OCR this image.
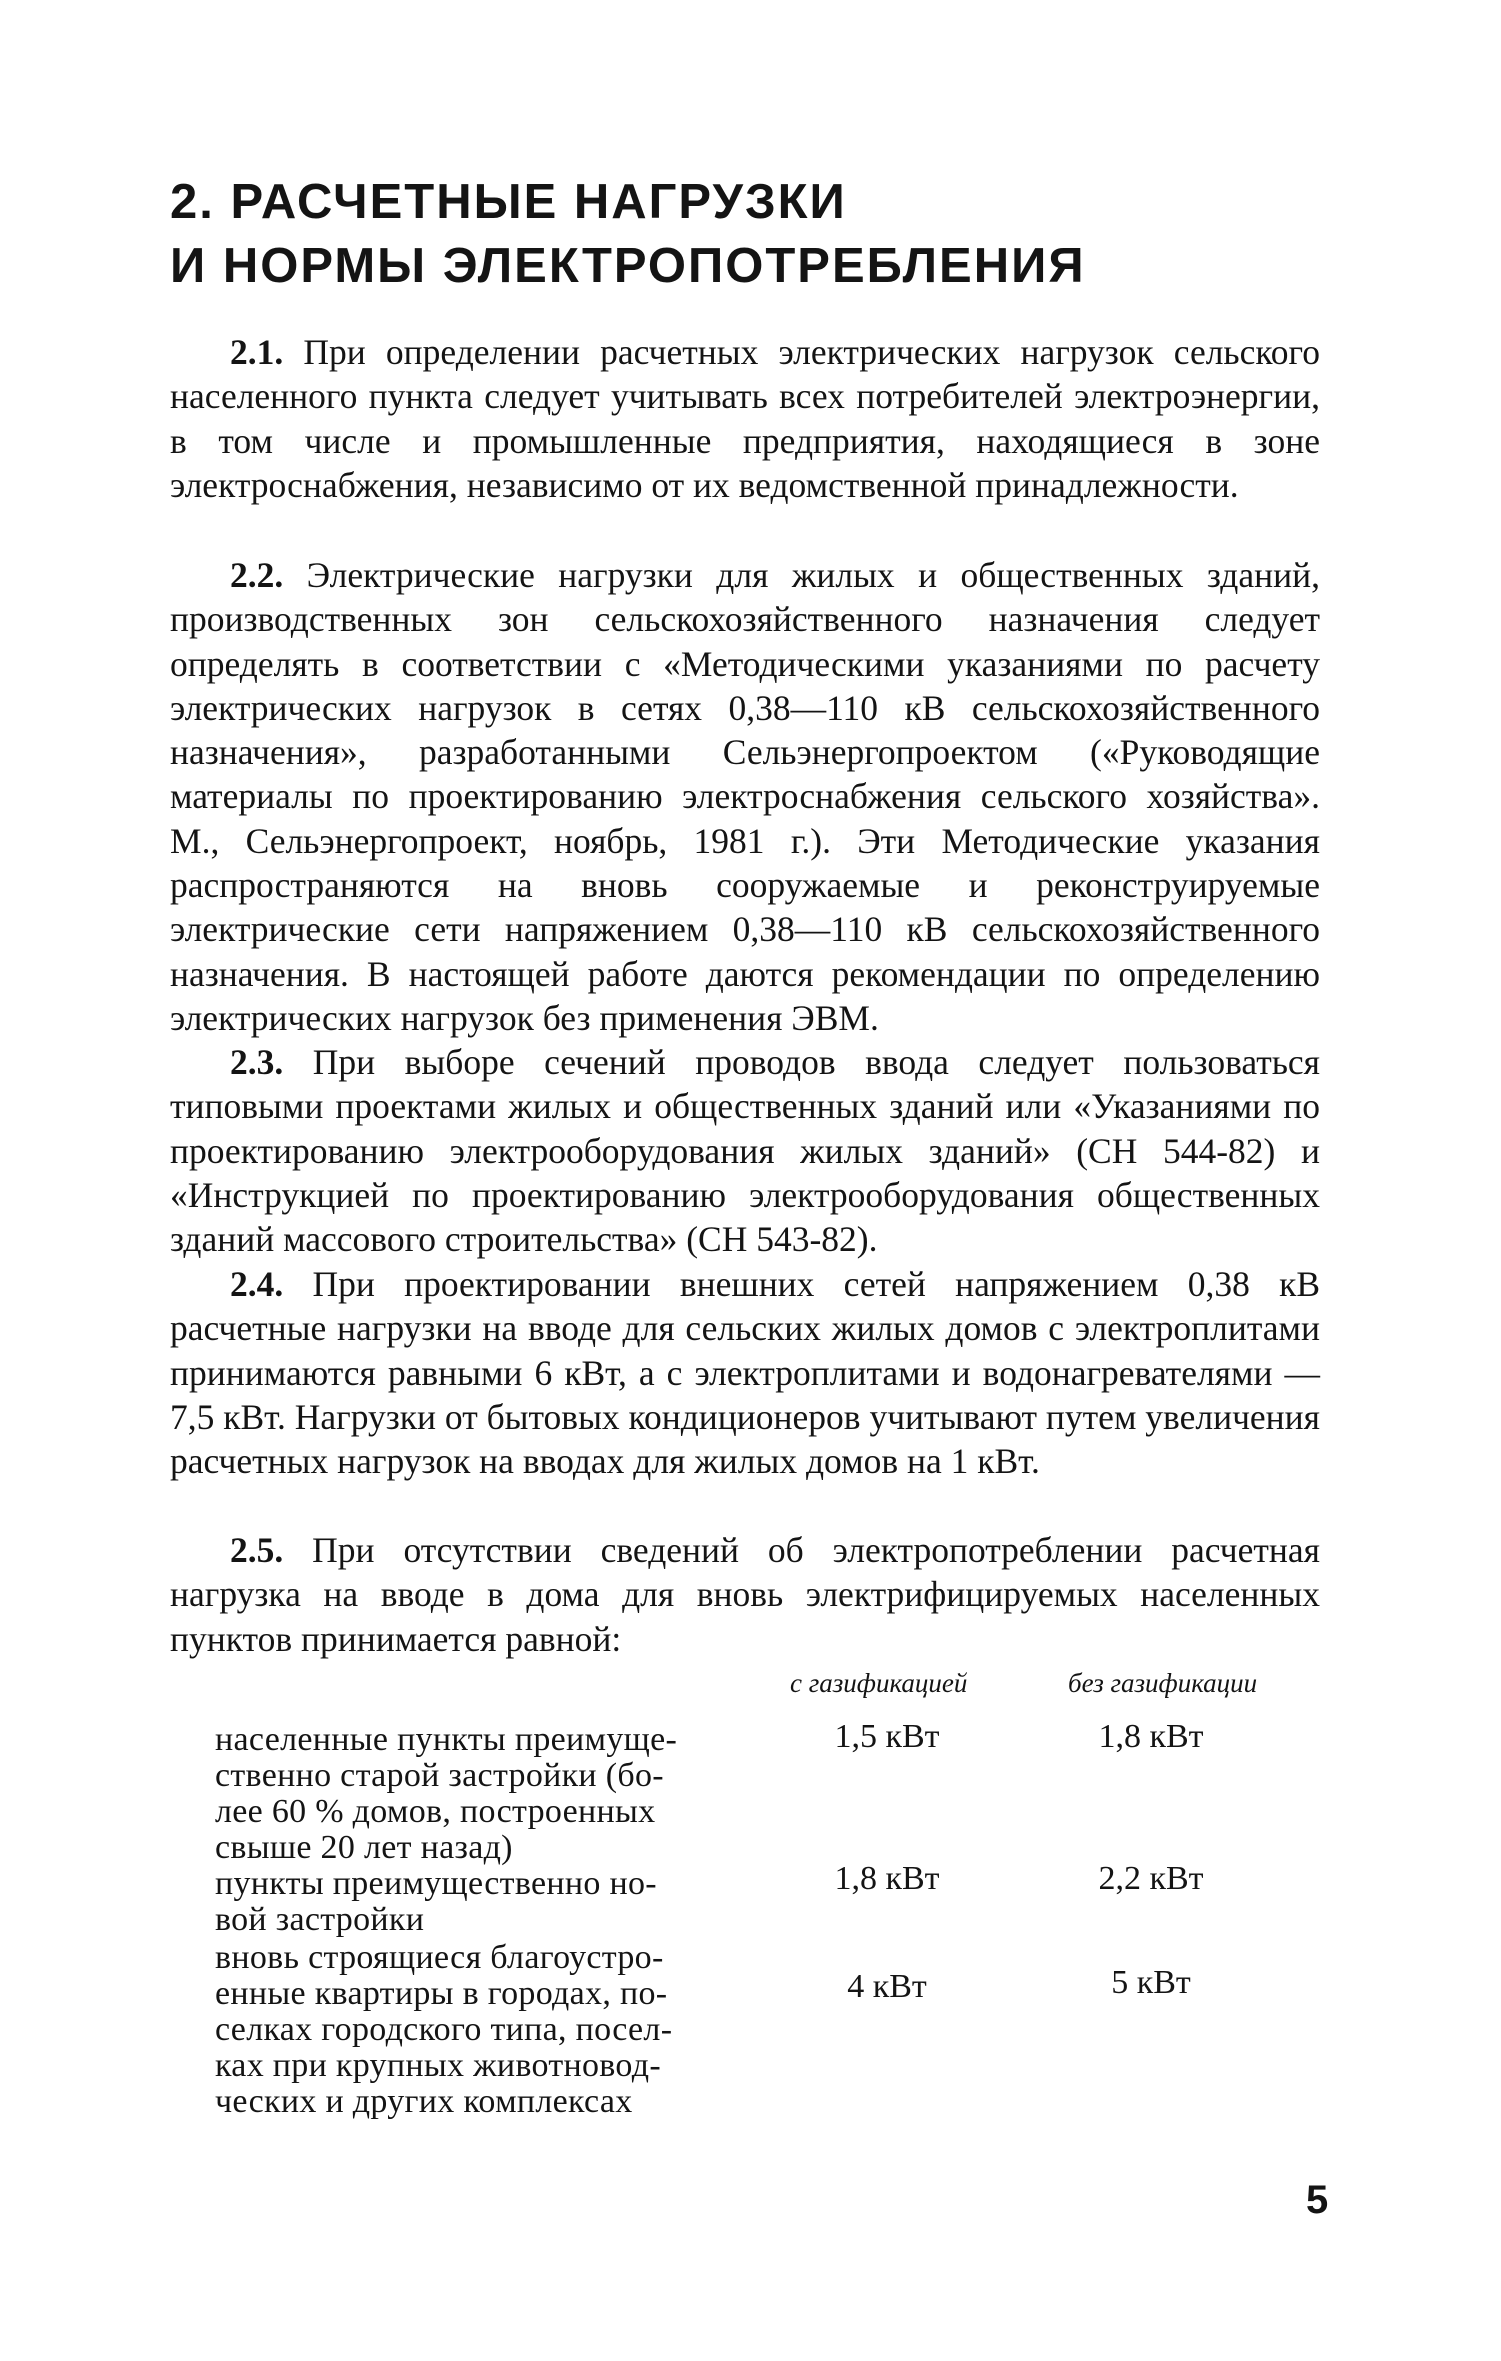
2. РАСЧЕТНЫЕ НАГРУЗКИ
И НОРМЫ ЭЛЕКТРОПОТРЕБЛЕНИЯ
2.1. При определении расчетных электрических нагрузок сельского населенного пункта следует учитывать всех потребителей электроэнергии, в том числе и промышленные предприятия, находящиеся в зоне электроснабжения, независимо от их ведомственной принадлежности.
2.2. Электрические нагрузки для жилых и общественных зданий, производственных зон сельскохозяйственного назначения следует определять в соответствии с «Методическими указаниями по расчету электрических нагрузок в сетях 0,38—110 кВ сельскохозяйственного назначения», разработанными Сельэнергопроектом («Руководящие материалы по проектированию электроснабжения сельского хозяйства». М., Сельэнергопроект, ноябрь, 1981 г.). Эти Методические указания распространяются на вновь сооружаемые и реконструируемые электрические сети напряжением 0,38—110 кВ сельскохозяйственного назначения. В настоящей работе даются рекомендации по определению электрических нагрузок без применения ЭВМ.
2.3. При выборе сечений проводов ввода следует пользоваться типовыми проектами жилых и общественных зданий или «Указаниями по проектированию электрооборудования жилых зданий» (СН 544-82) и «Инструкцией по проектированию электрооборудования общественных зданий массового строительства» (СН 543-82).
2.4. При проектировании внешних сетей напряжением 0,38 кВ расчетные нагрузки на вводе для сельских жилых домов с электроплитами принимаются равными 6 кВт, а с электроплитами и водонагревателями — 7,5 кВт. Нагрузки от бытовых кондиционеров учитывают путем увеличения расчетных нагрузок на вводах для жилых домов на 1 кВт.
2.5. При отсутствии сведений об электропотреблении расчетная нагрузка на вводе в дома для вновь электрифицируемых населенных пунктов принимается равной:
с газификацией	без газификации
населенные пункты преимуще-
ственно старой застройки (бо-
лее 60 % домов, построенных
свыше 20 лет назад)
1,5 кВт	1,8 кВт
пункты преимущественно но-
вой застройки
1,8 кВт	2,2 кВт
вновь строящиеся благоустро-
енные квартиры в городах, по-
селках городского типа, посел-
ках при крупных животновод-
ческих и других комплексах
4 кВт	5 кВт
5
